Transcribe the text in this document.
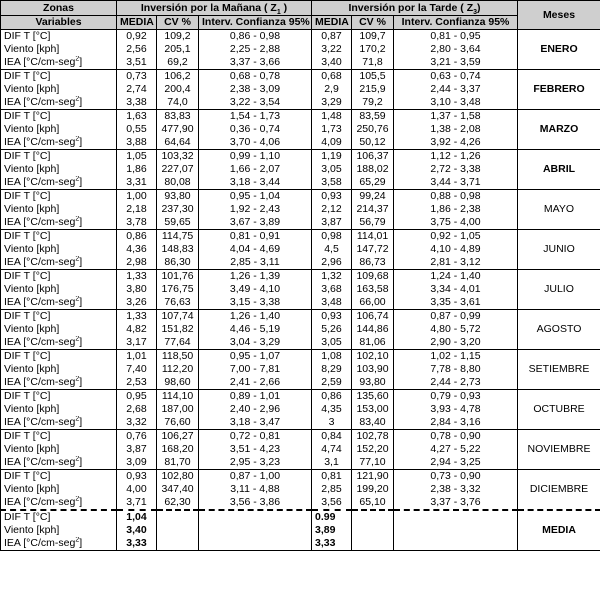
Zonas	Inversión por la Mañana ( $Z_1$ )			Inversión por la Tarde ( $Z_3$)			Meses
Variables	MEDIA	CV %	Interv. Confianza 95%	MEDIA	CV %	Interv. Confianza 95%	
DIF T [°C]	0,92	109,2	0,86 - 0,98	0,87	109,7	0,81 - 0,95	ENERO
Viento [kph]	2,56	205,1	2,25 - 2,88	3,22	170,2	2,80 - 3,64	
IEA [°C/cm-seg$^2$]	3,51	69,2	3,37 - 3,66	3,40	71,8	3,21 - 3,59	
DIF T [°C]	0,73	106,2	0,68 - 0,78	0,68	105,5	0,63 - 0,74	FEBRERO
Viento [kph]	2,74	200,4	2,38 - 3,09	2,9	215,9	2,44 - 3,37	
IEA [°C/cm-seg$^2$]	3,38	74,0	3,22 - 3,54	3,29	79,2	3,10 - 3,48	
DIF T [°C]	1,63	83,83	1,54 - 1,73	1,48	83,59	1,37 - 1,58	MARZO
Viento [kph]	0,55	477,90	0,36 - 0,74	1,73	250,76	1,38 - 2,08	
IEA [°C/cm-seg$^2$]	3,88	64,64	3,70 - 4,06	4,09	50,12	3,92 - 4,26	
DIF T [°C]	1,05	103,32	0,99 - 1,10	1,19	106,37	1,12 - 1,26	ABRIL
Viento [kph]	1,86	227,07	1,66 - 2,07	3,05	188,02	2,72 - 3,38	
IEA [°C/cm-seg$^2$]	3,31	80,08	3,18 - 3,44	3,58	65,29	3,44 - 3,71	
DIF T [°C]	1,00	93,80	0,95 - 1,04	0,93	99,24	0,88 - 0,98	MAYO
Viento [kph]	2,18	237,30	1,92 - 2,43	2,12	214,37	1,86 - 2,38	
IEA [°C/cm-seg$^2$]	3,78	59,65	3,67 - 3,89	3,87	56,79	3,75 - 4,00	
DIF T [°C]	0,86	114,75	0,81 - 0,91	0,98	114,01	0,92 - 1,05	JUNIO
Viento [kph]	4,36	148,83	4,04 - 4,69	4,5	147,72	4,10 - 4,89	
IEA [°C/cm-seg$^2$]	2,98	86,30	2,85 - 3,11	2,96	86,73	2,81 - 3,12	
DIF T [°C]	1,33	101,76	1,26 - 1,39	1,32	109,68	1,24 - 1,40	JULIO
Viento [kph]	3,80	176,75	3,49 - 4,10	3,68	163,58	3,34 - 4,01	
IEA [°C/cm-seg$^2$]	3,26	76,63	3,15 - 3,38	3,48	66,00	3,35 - 3,61	
DIF T [°C]	1,33	107,74	1,26 - 1,40	0,93	106,74	0,87 - 0,99	AGOSTO
Viento [kph]	4,82	151,82	4,46 - 5,19	5,26	144,86	4,80 - 5,72	
IEA [°C/cm-seg$^2$]	3,17	77,64	3,04 - 3,29	3,05	81,06	2,90 - 3,20	
DIF T [°C]	1,01	118,50	0,95 - 1,07	1,08	102,10	1,02 - 1,15	SETIEMBRE
Viento [kph]	7,40	112,20	7,00 - 7,81	8,29	103,90	7,78 - 8,80	
IEA [°C/cm-seg$^2$]	2,53	98,60	2,41 - 2,66	2,59	93,80	2,44 - 2,73	
DIF T [°C]	0,95	114,10	0,89 - 1,01	0,86	135,60	0,79 - 0,93	OCTUBRE
Viento [kph]	2,68	187,00	2,40 - 2,96	4,35	153,00	3,93 - 4,78	
IEA [°C/cm-seg$^2$]	3,32	76,60	3,18 - 3,47	3	83,40	2,84 - 3,16	
DIF T [°C]	0,76	106,27	0,72 - 0,81	0,84	102,78	0,78 - 0,90	NOVIEMBRE
Viento [kph]	3,87	168,20	3,51 - 4,23	4,74	152,20	4,27 - 5,22	
IEA [°C/cm-seg$^2$]	3,09	81,70	2,95 - 3,23	3,1	77,10	2,94 - 3,25	
DIF T [°C]	0,93	102,80	0,87 - 1,00	0,81	121,90	0,73 - 0,90	DICIEMBRE
Viento [kph]	4,00	347,40	3,11 - 4,88	2,85	199,20	2,38 - 3,32	
IEA [°C/cm-seg$^2$]	3,71	62,30	3,56 - 3,86	3,56	65,10	3,37 - 3,76	
DIF T [°C]	1,04			0.99			MEDIA
Viento [kph]	3,40			3,89			
IEA [°C/cm-seg$^2$]	3,33			3,33			
